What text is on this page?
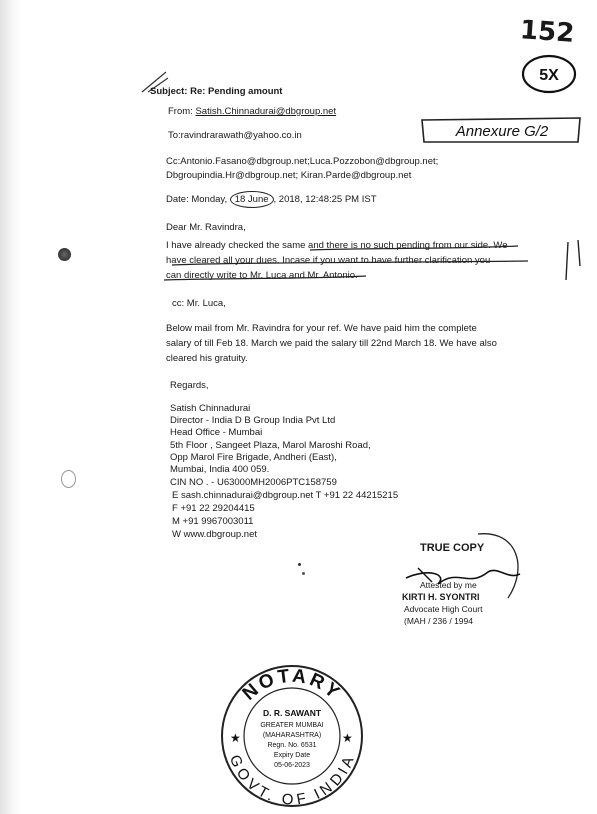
152
5X
Annexure G/2
Subject: Re: Pending amount
From: Satish.Chinnadurai@dbgroup.net
To:ravindrarawath@yahoo.co.in
Cc:Antonio.Fasano@dbgroup.net;Luca.Pozzobon@dbgroup.net;
Dbgroupindia.Hr@dbgroup.net; Kiran.Parde@dbgroup.net
Date: Monday, 18 June , 2018, 12:48:25 PM IST
Dear Mr. Ravindra,
I have already checked the same and there is no such pending from our side. We
have cleared all your dues. Incase if you want to have further clarification you
can directly write to Mr. Luca and Mr. Antonio.
cc: Mr. Luca,
Below mail from Mr. Ravindra for your ref. We have paid him the complete
salary of till Feb 18. March we paid the salary till 22nd March 18. We have also
cleared his gratuity.
Regards,
Satish Chinnadurai
Director - India D B Group India Pvt Ltd
Head Office - Mumbai
5th Floor , Sangeet Plaza, Marol Maroshi Road,
Opp Marol Fire Brigade, Andheri (East),
Mumbai, India 400 059.
CIN NO . - U63000MH2006PTC158759
E sash.chinnadurai@dbgroup.net T +91 22 44215215
F +91 22 29204415
M +91 9967003011
W www.dbgroup.net
TRUE COPY
Attested by me
KIRTI H. SYONTRI
Advocate High Court
(MAH / 236 / 1994
NOTARY
GOVT. OF INDIA
★	★
D. R. SAWANT
GREATER MUMBAI
(MAHARASHTRA)
Regn. No. 6531
Expiry Date
05-06-2023
